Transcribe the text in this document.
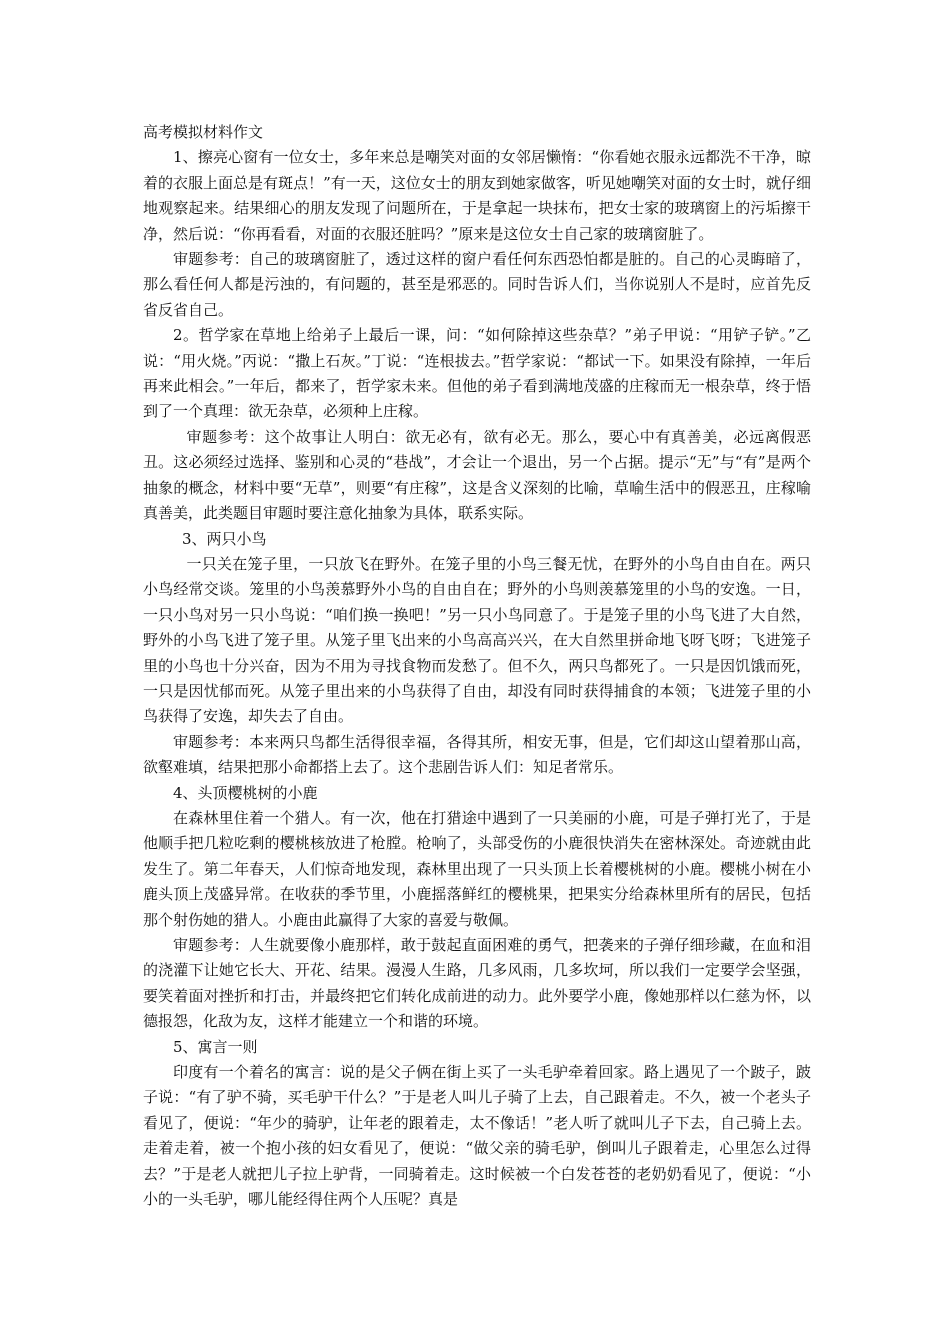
高考模拟材料作文

1、擦亮心窗有一位女士，多年来总是嘲笑对面的女邻居懒惰：“你看她衣服永远都洗不干净，晾着的衣服上面总是有斑点！”有一天，这位女士的朋友到她家做客，听见她嘲笑对面的女士时，就仔细地观察起来。结果细心的朋友发现了问题所在，于是拿起一块抹布，把女士家的玻璃窗上的污垢擦干净，然后说：“你再看看，对面的衣服还脏吗？”原来是这位女士自己家的玻璃窗脏了。

审题参考：自己的玻璃窗脏了，透过这样的窗户看任何东西恐怕都是脏的。自己的心灵晦暗了，那么看任何人都是污浊的，有问题的，甚至是邪恶的。同时告诉人们，当你说别人不是时，应首先反省反省自己。

2。哲学家在草地上给弟子上最后一课，问：“如何除掉这些杂草？”弟子甲说：“用铲子铲。”乙说：“用火烧。”丙说：“撒上石灰。”丁说：“连根拔去。”哲学家说：“都试一下。如果没有除掉，一年后再来此相会。”一年后，都来了，哲学家未来。但他的弟子看到满地茂盛的庄稼而无一根杂草，终于悟到了一个真理：欲无杂草，必须种上庄稼。

审题参考：这个故事让人明白：欲无必有，欲有必无。那么，要心中有真善美，必远离假恶丑。这必须经过选择、鉴别和心灵的“巷战”，才会让一个退出，另一个占据。提示“无”与“有”是两个抽象的概念，材料中要“无草”，则要“有庄稼”，这是含义深刻的比喻，草喻生活中的假恶丑，庄稼喻真善美，此类题目审题时要注意化抽象为具体，联系实际。

3、两只小鸟

一只关在笼子里，一只放飞在野外。在笼子里的小鸟三餐无忧，在野外的小鸟自由自在。两只小鸟经常交谈。笼里的小鸟羡慕野外小鸟的自由自在；野外的小鸟则羡慕笼里的小鸟的安逸。一日，一只小鸟对另一只小鸟说：“咱们换一换吧！”另一只小鸟同意了。于是笼子里的小鸟飞进了大自然，野外的小鸟飞进了笼子里。从笼子里飞出来的小鸟高高兴兴，在大自然里拼命地飞呀飞呀；飞进笼子里的小鸟也十分兴奋，因为不用为寻找食物而发愁了。但不久，两只鸟都死了。一只是因饥饿而死，一只是因忧郁而死。从笼子里出来的小鸟获得了自由，却没有同时获得捕食的本领；飞进笼子里的小鸟获得了安逸，却失去了自由。

审题参考：本来两只鸟都生活得很幸福，各得其所，相安无事，但是，它们却这山望着那山高，欲壑难填，结果把那小命都搭上去了。这个悲剧告诉人们：知足者常乐。

4、头顶樱桃树的小鹿

在森林里住着一个猎人。有一次，他在打猎途中遇到了一只美丽的小鹿，可是子弹打光了，于是他顺手把几粒吃剩的樱桃核放进了枪膛。枪响了，头部受伤的小鹿很快消失在密林深处。奇迹就由此发生了。第二年春天，人们惊奇地发现，森林里出现了一只头顶上长着樱桃树的小鹿。樱桃小树在小鹿头顶上茂盛异常。在收获的季节里，小鹿摇落鲜红的樱桃果，把果实分给森林里所有的居民，包括那个射伤她的猎人。小鹿由此赢得了大家的喜爱与敬佩。

审题参考：人生就要像小鹿那样，敢于鼓起直面困难的勇气，把袭来的子弹仔细珍藏，在血和泪的浇灌下让她它长大、开花、结果。漫漫人生路，几多风雨，几多坎坷，所以我们一定要学会坚强，要笑着面对挫折和打击，并最终把它们转化成前进的动力。此外要学小鹿，像她那样以仁慈为怀，以德报怨，化敌为友，这样才能建立一个和谐的环境。

5、寓言一则

印度有一个着名的寓言：说的是父子俩在街上买了一头毛驴牵着回家。路上遇见了一个跛子，跛子说：“有了驴不骑，买毛驴干什么？”于是老人叫儿子骑了上去，自己跟着走。不久，被一个老头子看见了，便说：“年少的骑驴，让年老的跟着走，太不像话！”老人听了就叫儿子下去，自己骑上去。走着走着，被一个抱小孩的妇女看见了，便说：“做父亲的骑毛驴，倒叫儿子跟着走，心里怎么过得去？”于是老人就把儿子拉上驴背，一同骑着走。这时候被一个白发苍苍的老奶奶看见了，便说：“小小的一头毛驴，哪儿能经得住两个人压呢？真是
